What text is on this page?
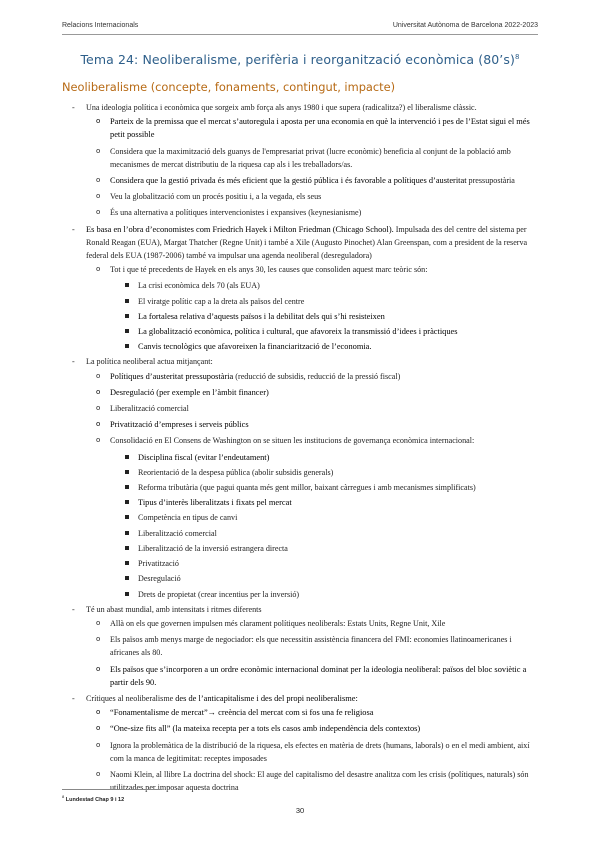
Relacions Internacionals	Universitat Autònoma de Barcelona 2022-2023
Tema 24: Neoliberalisme, perifèria i reorganització econòmica (80’s)$^8$
Neoliberalisme (concepte, fonaments, contingut, impacte)
- Una ideologia política i econòmica que sorgeix amb força als anys 1980 i que supera (radicalitza?) el liberalisme clàssic.
o Parteix de la premissa que el mercat s’autoregula i aposta per una economia en què la intervenció i pes de l’Estat sigui el més petit possible
o Considera que la maximització dels guanys de l'empresariat privat (lucre econòmic) beneficia al conjunt de la població amb mecanismes de mercat distributiu de la riquesa cap als i les treballadors/as.
o Considera que la gestió privada és més eficient que la gestió pública i és favorable a polítiques d’austeritat pressupostària
o Veu la globalització com un procés positiu i, a la vegada, els seus
o És una alternativa a polítiques intervencionistes i expansives (keynesianisme)
- Es basa en l’obra d’economistes com Friedrich Hayek i Milton Friedman (Chicago School). Impulsada des del centre del sistema per Ronald Reagan (EUA), Margat Thatcher (Regne Unit) i també a Xile (Augusto Pinochet) Alan Greenspan, com a president de la reserva federal dels EUA (1987-2006) també va impulsar una agenda neoliberal (desreguladora)
o Tot i que té precedents de Hayek en els anys 30, les causes que consoliden aquest marc teòric són:
La crisi econòmica dels 70 (als EUA)
El viratge polític cap a la dreta als països del centre
La fortalesa relativa d’aquests països i la debilitat dels qui s’hi resisteixen
La globalització econòmica, política i cultural, que afavoreix la transmissió d’idees i pràctiques
Canvis tecnològics que afavoreixen la financiarització de l’economia.
- La política neoliberal actua mitjançant:
o Polítiques d’austeritat pressupostària (reducció de subsidis, reducció de la pressió fiscal)
o Desregulació (per exemple en l’àmbit financer)
o Liberalització comercial
o Privatització d’empreses i serveis públics
o Consolidació en El Consens de Washington on se situen les institucions de governança econòmica internacional:
Disciplina fiscal (evitar l’endeutament)
Reorientació de la despesa pública (abolir subsidis generals)
Reforma tributària (que pagui quanta més gent millor, baixant càrregues i amb mecanismes simplificats)
Tipus d’interès liberalitzats i fixats pel mercat
Competència en tipus de canvi
Liberalització comercial
Liberalització de la inversió estrangera directa
Privatització
Desregulació
Drets de propietat (crear incentius per la inversió)
- Té un abast mundial, amb intensitats i ritmes diferents
o Allà on els que governen impulsen més clarament polítiques neoliberals: Estats Units, Regne Unit, Xile
o Els països amb menys marge de negociador: els que necessitin assistència financera del FMI: economies llatinoamericanes i africanes als 80.
o Els països que s’incorporen a un ordre econòmic internacional dominat per la ideologia neoliberal: països del bloc soviètic a partir dels 90.
- Crítiques al neoliberalisme des de l’anticapitalisme i des del propi neoliberalisme:
o “Fonamentalisme de mercat”→ creència del mercat com si fos una fe religiosa
o “One-size fits all” (la mateixa recepta per a tots els casos amb independència dels contextos)
o Ignora la problemàtica de la distribució de la riquesa, els efectes en matèria de drets (humans, laborals) o en el medi ambient, així com la manca de legitimitat: receptes imposades
o Naomi Klein, al llibre La doctrina del shock: El auge del capitalismo del desastre analitza com les crisis (polítiques, naturals) són utilitzades per imposar aquesta doctrina
$^8$ Lundestad Chap 9 i 12
30
